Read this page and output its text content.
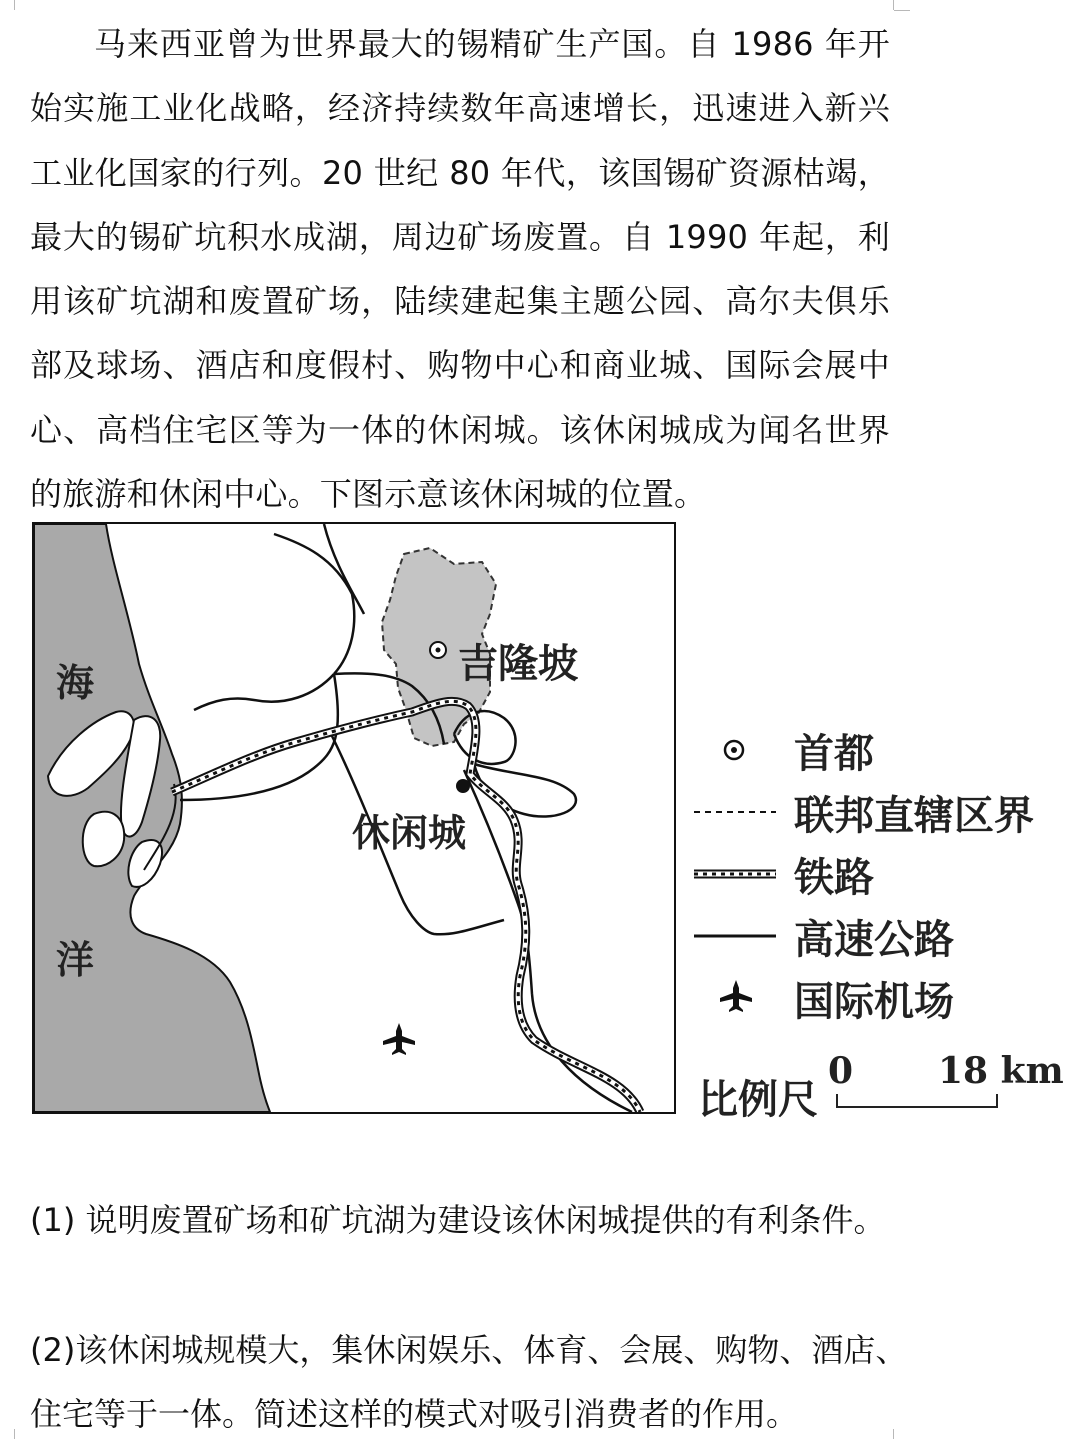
马来西亚曾为世界最大的锡精矿生产国。自 1986 年开始实施工业化战略，经济持续数年高速增长，迅速进入新兴工业化国家的行列。20 世纪 80 年代，该国锡矿资源枯竭，最大的锡矿坑积水成湖，周边矿场废置。自 1990 年起，利用该矿坑湖和废置矿场，陆续建起集主题公园、高尔夫俱乐部及球场、酒店和度假村、购物中心和商业城、国际会展中心、高档住宅区等为一体的休闲城。该休闲城成为闻名世界的旅游和休闲中心。下图示意该休闲城的位置。

海
洋
吉隆坡
休闲城
首都
联邦直辖区界
铁路
高速公路
国际机场
比例尺
0 18 km
(1) 说明废置矿场和矿坑湖为建设该休闲城提供的有利条件。
(2)该休闲城规模大，集休闲娱乐、体育、会展、购物、酒店、住宅等于一体。简述这样的模式对吸引消费者的作用。
